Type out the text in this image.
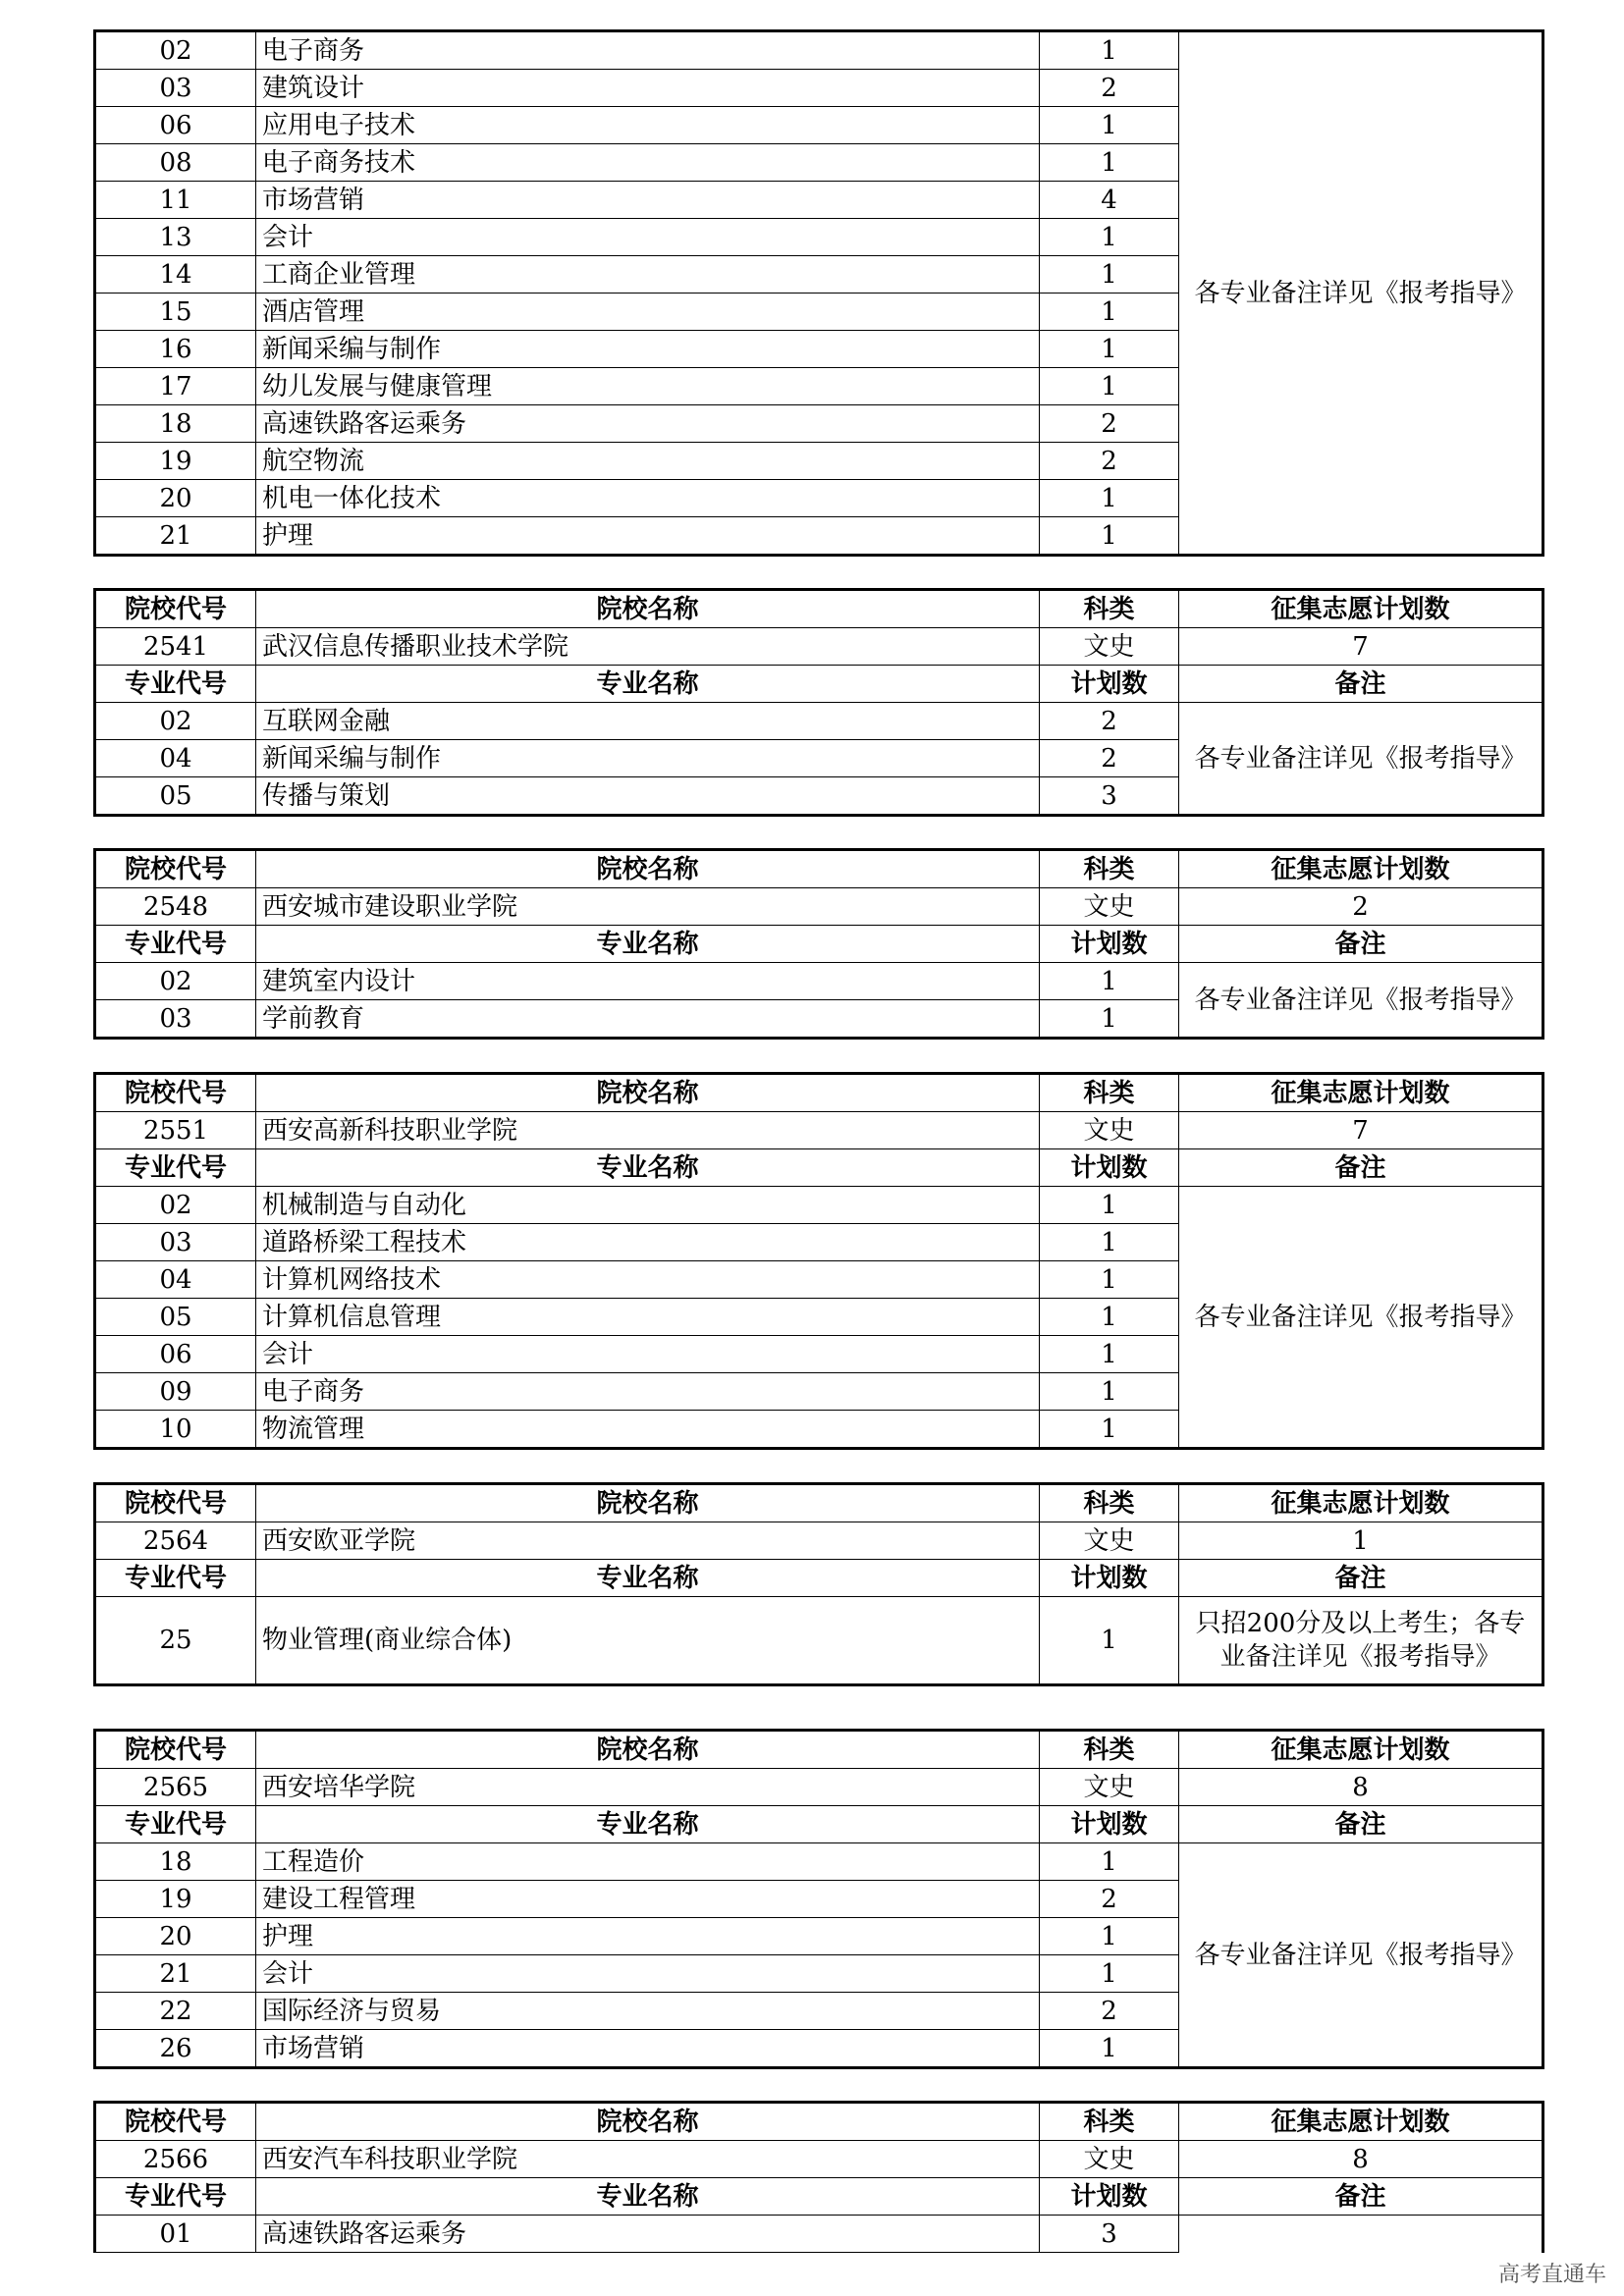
02	电子商务	1	各专业备注详见《报考指导》
03	建筑设计	2	
06	应用电子技术	1	
08	电子商务技术	1	
11	市场营销	4	
13	会计	1	
14	工商企业管理	1	
15	酒店管理	1	
16	新闻采编与制作	1	
17	幼儿发展与健康管理	1	
18	高速铁路客运乘务	2	
19	航空物流	2	
20	机电一体化技术	1	
21	护理	1	
院校代号	院校名称	科类	征集志愿计划数
2541	武汉信息传播职业技术学院	文史	7
专业代号	专业名称	计划数	备注
02	互联网金融	2	各专业备注详见《报考指导》
04	新闻采编与制作	2	
05	传播与策划	3	
院校代号	院校名称	科类	征集志愿计划数
2548	西安城市建设职业学院	文史	2
专业代号	专业名称	计划数	备注
02	建筑室内设计	1	各专业备注详见《报考指导》
03	学前教育	1	
院校代号	院校名称	科类	征集志愿计划数
2551	西安高新科技职业学院	文史	7
专业代号	专业名称	计划数	备注
02	机械制造与自动化	1	各专业备注详见《报考指导》
03	道路桥梁工程技术	1	
04	计算机网络技术	1	
05	计算机信息管理	1	
06	会计	1	
09	电子商务	1	
10	物流管理	1	
院校代号	院校名称	科类	征集志愿计划数
2564	西安欧亚学院	文史	1
专业代号	专业名称	计划数	备注
25	物业管理(商业综合体)	1	只招200分及以上考生；各专业备注详见《报考指导》
院校代号	院校名称	科类	征集志愿计划数
2565	西安培华学院	文史	8
专业代号	专业名称	计划数	备注
18	工程造价	1	各专业备注详见《报考指导》
19	建设工程管理	2	
20	护理	1	
21	会计	1	
22	国际经济与贸易	2	
26	市场营销	1	
院校代号	院校名称	科类	征集志愿计划数
2566	西安汽车科技职业学院	文史	8
专业代号	专业名称	计划数	备注
01	高速铁路客运乘务	3	
高考直通车
